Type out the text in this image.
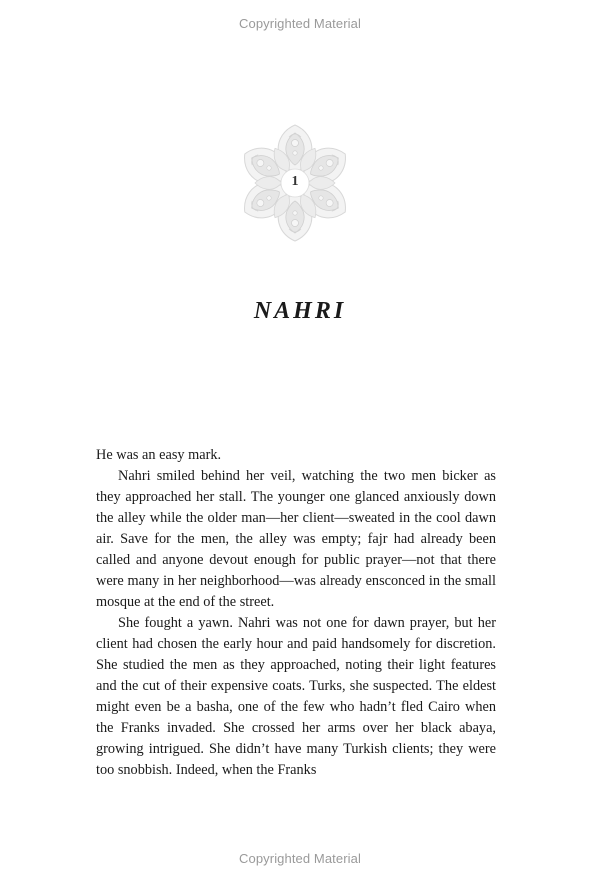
Copyrighted Material
1
NAHRI

He was an easy mark.

Nahri smiled behind her veil, watching the two men bicker as they approached her stall. The younger one glanced anxiously down the alley while the older man—her client—sweated in the cool dawn air. Save for the men, the alley was empty; fajr had already been called and anyone devout enough for public prayer—not that there were many in her neighborhood—was already ensconced in the small mosque at the end of the street.

She fought a yawn. Nahri was not one for dawn prayer, but her client had chosen the early hour and paid handsomely for discretion. She studied the men as they approached, noting their light features and the cut of their expensive coats. Turks, she suspected. The eldest might even be a basha, one of the few who hadn’t fled Cairo when the Franks invaded. She crossed her arms over her black abaya, growing intrigued. She didn’t have many Turkish clients; they were too snobbish. Indeed, when the Franks

Copyrighted Material
